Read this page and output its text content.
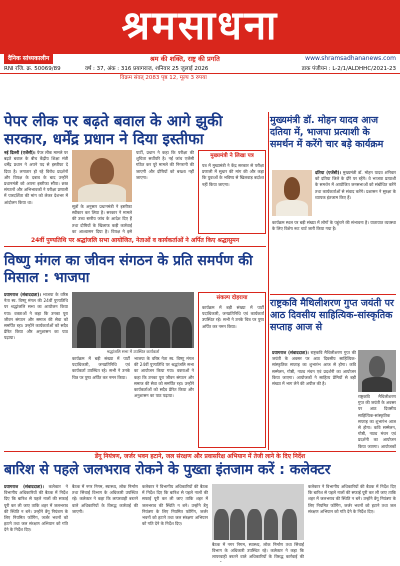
श्रमसाधना
दैनिक सांध्यकालीन	श्रम की शक्ति, राष्ट्र की प्रगति	www.shramsadhananews.com
RNI रजि. क्र. 50069/89	वर्ष : 37, अंक : 316 प्रयागराज, शनिवार 25 जुलाई 2026	डाक पंजीयन : L-2/1/ALDHHC/2021-23
विक्रम संवत् 2083 पृष्ठ 12, मूल्य 3 रुपया
पेपर लीक पर बढ़ते बवाल के आगे झुकी सरकार, धर्मेंद्र प्रधान ने दिया इस्तीफा
नई दिल्ली (एजेंसी)। पेपर लीक मामले पर बढ़ते बवाल के बीच केंद्रीय शिक्षा मंत्री धर्मेंद्र प्रधान ने अपने पद से इस्तीफा दे दिया है। लगातार हो रहे विरोध प्रदर्शनों और विपक्ष के दबाव के बाद उन्होंने प्रधानमंत्री को अपना इस्तीफा सौंपा। छात्र संगठनों और अभिभावकों ने परीक्षा प्रणाली में पारदर्शिता की मांग को लेकर देशभर में आंदोलन किया था।
सूत्रों के अनुसार प्रधानमंत्री ने इस्तीफा स्वीकार कर लिया है। सरकार ने मामले की उच्च स्तरीय जांच के आदेश दिए हैं तथा दोषियों के खिलाफ कड़ी कार्रवाई का आश्वासन दिया है। विपक्ष ने इसे
पार्टी, प्रधान ने कहा कि परीक्षा की शुचिता सर्वोपरि है। नई जांच एजेंसी गठित कर पूरे मामले की निगरानी की जाएगी और दोषियों को बख्शा नहीं जाएगा।
मुख्यमंत्री ने लिखा पत्र
पत्र में मुख्यमंत्री ने केंद्र सरकार से परीक्षा प्रणाली में सुधार की मांग की और कहा कि युवाओं के भविष्य से खिलवाड़ बर्दाश्त नहीं किया जाएगा।
24वीं पुण्यतिथि पर श्रद्धांजलि सभा आयोजित, नेताओं व कार्यकर्ताओं ने अर्पित किए श्रद्धासुमन
विष्णु मंगल का जीवन संगठन के प्रति समर्पण की मिसाल : भाजपा
प्रयागराज (संवाददाता)। भाजपा के वरिष्ठ नेता स्व. विष्णु मंगल की 24वीं पुण्यतिथि पर श्रद्धांजलि सभा का आयोजन किया गया। वक्ताओं ने कहा कि उनका पूरा जीवन संगठन और समाज की सेवा को समर्पित रहा। उन्होंने कार्यकर्ताओं को सदैव प्रेरित किया और अनुशासन का पाठ पढ़ाया।
श्रद्धांजलि सभा में उपस्थित कार्यकर्ता
कार्यक्रम में बड़ी संख्या में पार्टी पदाधिकारी, जनप्रतिनिधि एवं कार्यकर्ता उपस्थित रहे। सभी ने उनके चित्र पर पुष्प अर्पित कर नमन किया।
भाजपा के वरिष्ठ नेता स्व. विष्णु मंगल की 24वीं पुण्यतिथि पर श्रद्धांजलि सभा का आयोजन किया गया। वक्ताओं ने कहा कि उनका पूरा जीवन संगठन और समाज की सेवा को समर्पित रहा। उन्होंने कार्यकर्ताओं को सदैव प्रेरित किया और अनुशासन का पाठ पढ़ाया।
संकल्प दोहराया
कार्यक्रम में बड़ी संख्या में पार्टी पदाधिकारी, जनप्रतिनिधि एवं कार्यकर्ता उपस्थित रहे। सभी ने उनके चित्र पर पुष्प अर्पित कर नमन किया।
मुख्यमंत्री डॉ. मोहन यादव आज दतिया में, भाजपा प्रत्याशी के समर्थन में करेंगे चार बड़े कार्यक्रम
दतिया (एजेंसी)। मुख्यमंत्री डॉ. मोहन यादव शनिवार को दतिया जिले के दौरे पर रहेंगे। वे भाजपा प्रत्याशी के समर्थन में आयोजित जनसभाओं को संबोधित करेंगे तथा कार्यकर्ताओं से संवाद करेंगे। प्रशासन ने सुरक्षा के व्यापक इंतजाम किए हैं।
कार्यक्रम स्थल पर बड़ी संख्या में लोगों के पहुंचने की संभावना है। यातायात व्यवस्था के लिए विशेष रूट चार्ट जारी किया गया है।
राष्ट्रकवि मैथिलीशरण गुप्त जयंती पर आठ दिवसीय साहित्यिक-सांस्कृतिक सप्ताह आज से
प्रयागराज (संवाददाता)। राष्ट्रकवि मैथिलीशरण गुप्त की जयंती के अवसर पर आठ दिवसीय साहित्यिक-सांस्कृतिक सप्ताह का शुभारंभ आज से होगा। कवि सम्मेलन, गोष्ठी, नाट्य मंचन एवं प्रदर्शनी का आयोजन किया जाएगा। आयोजकों ने साहित्य प्रेमियों से बड़ी संख्या में भाग लेने की अपील की है।
राष्ट्रकवि मैथिलीशरण गुप्त की जयंती के अवसर पर आठ दिवसीय साहित्यिक-सांस्कृतिक सप्ताह का शुभारंभ आज से होगा। कवि सम्मेलन, गोष्ठी, नाट्य मंचन एवं प्रदर्शनी का आयोजन किया जाएगा। आयोजकों
डेंगू नियंत्रण, जर्जर भवन हटाने, जल संरक्षण और प्रवासरिक्ष अभियान में तेजी लाने के दिए निर्देश
बारिश से पहले जलभराव रोकने के पुख्ता इंतजाम करें : कलेक्टर
प्रयागराज (संवाददाता)। कलेक्टर ने विभागीय अधिकारियों की बैठक में निर्देश दिए कि बारिश से पहले नालों की सफाई पूरी कर ली जाए ताकि शहर में जलभराव की स्थिति न बने। उन्होंने डेंगू नियंत्रण के लिए नियमित फॉगिंग, जर्जर भवनों को हटाने तथा जल संरक्षण अभियान को गति देने के निर्देश दिए।
बैठक में नगर निगम, स्वास्थ्य, लोक निर्माण तथा सिंचाई विभाग के अधिकारी उपस्थित रहे। कलेक्टर ने कहा कि लापरवाही बरतने वाले अधिकारियों के विरुद्ध कार्रवाई की जाएगी।
कलेक्टर ने विभागीय अधिकारियों की बैठक में निर्देश दिए कि बारिश से पहले नालों की सफाई पूरी कर ली जाए ताकि शहर में जलभराव की स्थिति न बने। उन्होंने डेंगू नियंत्रण के लिए नियमित फॉगिंग, जर्जर भवनों को हटाने तथा जल संरक्षण अभियान को गति देने के निर्देश दिए।
बैठक में नगर निगम, स्वास्थ्य, लोक निर्माण तथा सिंचाई विभाग के अधिकारी उपस्थित रहे। कलेक्टर ने कहा कि लापरवाही बरतने वाले अधिकारियों के विरुद्ध कार्रवाई की
कलेक्टर ने विभागीय अधिकारियों की बैठक में निर्देश दिए कि बारिश से पहले नालों की सफाई पूरी कर ली जाए ताकि शहर में जलभराव की स्थिति न बने। उन्होंने डेंगू नियंत्रण के लिए नियमित फॉगिंग, जर्जर भवनों को हटाने तथा जल संरक्षण अभियान को गति देने के निर्देश दिए।
